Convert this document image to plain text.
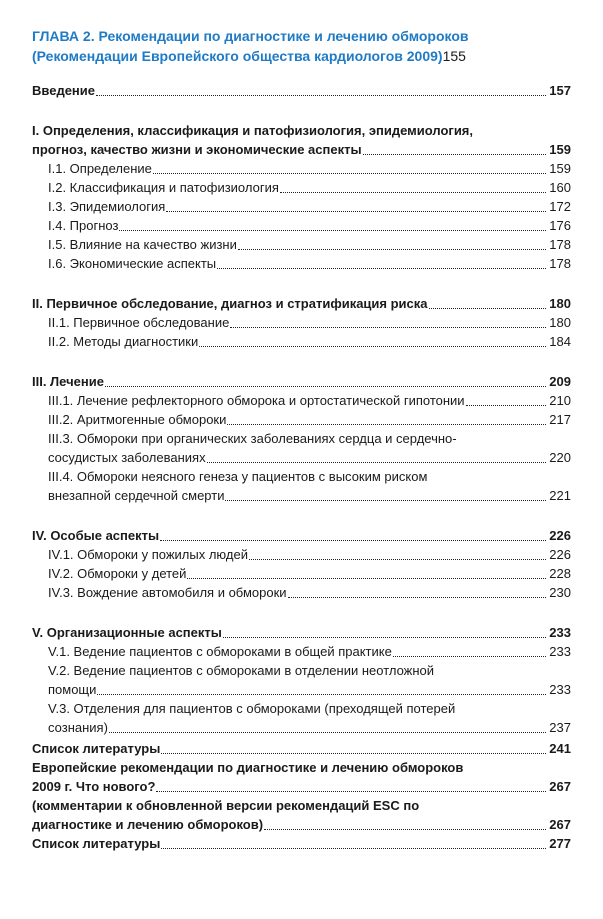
ГЛАВА 2. Рекомендации по диагностике и лечению обмороков
(Рекомендации Европейского общества кардиологов 2009) 155
Введение	157
I. Определения, классификация и патофизиология, эпидемиология,
прогноз, качество жизни и экономические аспекты	159
I.1. Определение	159
I.2. Классификация и патофизиология	160
I.3. Эпидемиология	172
I.4. Прогноз	176
I.5. Влияние на качество жизни	178
I.6. Экономические аспекты	178
II. Первичное обследование, диагноз и стратификация риска	180
II.1. Первичное обследование	180
II.2. Методы диагностики	184
III. Лечение	209
III.1. Лечение рефлекторного обморока и ортостатической гипотонии	210
III.2. Аритмогенные обмороки	217
III.3. Обмороки при органических заболеваниях сердца и сердечно-
сосудистых заболеваниях	220
III.4. Обмороки неясного генеза у пациентов с высоким риском
внезапной сердечной смерти	221
IV. Особые аспекты	226
IV.1. Обмороки у пожилых людей	226
IV.2. Обмороки у детей	228
IV.3. Вождение автомобиля и обмороки	230
V. Организационные аспекты	233
V.1. Ведение пациентов с обмороками в общей практике	233
V.2. Ведение пациентов с обмороками в отделении неотложной
помощи	233
V.3. Отделения для пациентов с обмороками (преходящей потерей
сознания)	237
Список литературы	241
Европейские рекомендации по диагностике и лечению обмороков
2009 г. Что нового?	267
(комментарии к обновленной версии рекомендаций ESC по
диагностике и лечению обмороков)	267
Список литературы	277
